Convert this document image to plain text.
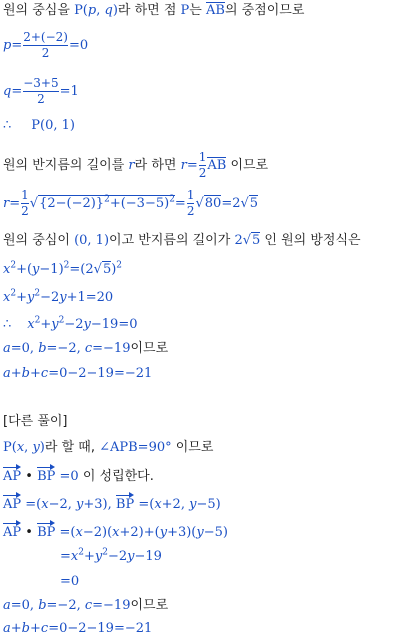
원의 중심을 P(p, q)라 하면 점 P는 AB의 중점이므로
$p= \frac{2+(-2)}{2} =0$
$q= \frac{-3+5}{2} =1$
∴ P(0, 1)
원의 반지름의 길이를 r라 하면 $r= \frac{1}{2}$ AB 이므로
$r= \frac{1}{2} √\{2-(-2)\}^2+(-3-5)^2= \frac{1}{2} √80=2√5$
원의 중심이 (0, 1)이고 반지름의 길이가 2√5 인 원의 방정식은
$x^2+(y-1)^2=(2√5)^2$
$x^2+y^2-2y+1=20$
∴ $x^2+y^2-2y-19=0$
a=0, b=−2, c=−19이므로
a+b+c=0−2−19=−21
[다른 풀이]
P(x, y)라 할 때, ∠APB=90° 이므로
AP • BP =0 이 성립한다.
AP =(x−2, y+3), BP =(x+2, y−5)
AP • BP =(x−2)(x+2)+(y+3)(y−5)
$=x^2+y^2-2y-19$
=0
a=0, b=−2, c=−19이므로
a+b+c=0−2−19=−21
